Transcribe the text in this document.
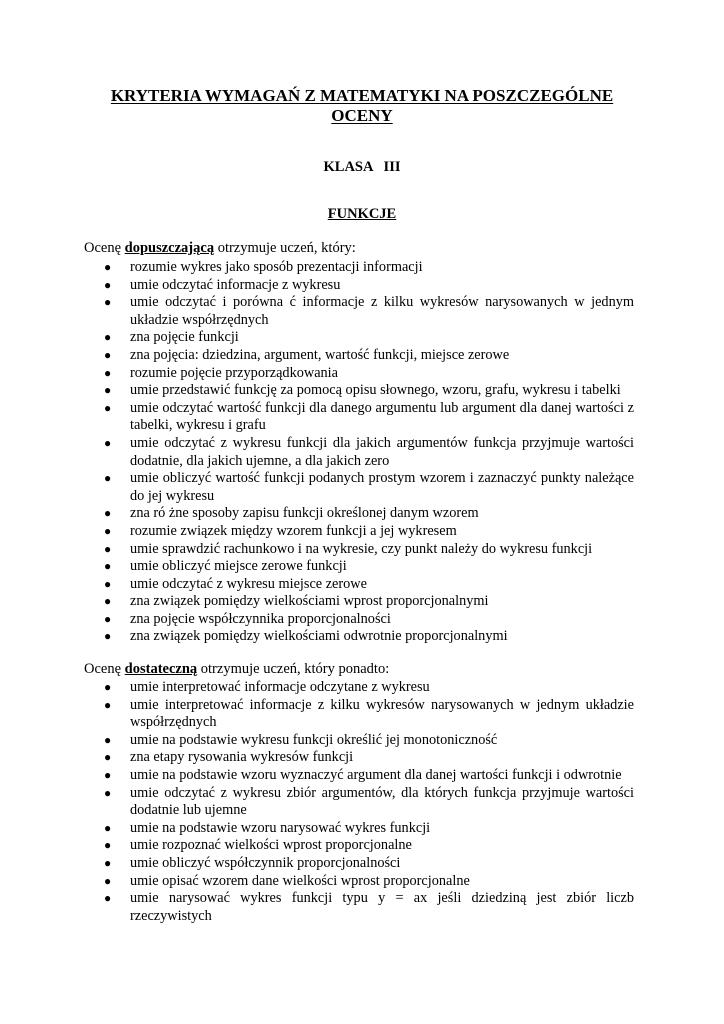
KRYTERIA WYMAGAŃ Z MATEMATYKI NA POSZCZEGÓLNE OCENY
KLASA   III
FUNKCJE
Ocenę dopuszczającą otrzymuje uczeń, który:
● rozumie wykres jako sposób prezentacji informacji
● umie odczytać informacje z wykresu
● umie odczytać i porówna ć informacje z kilku wykresów narysowanych w jednym układzie współrzędnych
● zna pojęcie funkcji
● zna pojęcia: dziedzina, argument, wartość funkcji, miejsce zerowe
● rozumie pojęcie przyporządkowania
● umie przedstawić funkcję za pomocą opisu słownego, wzoru, grafu, wykresu i tabelki
● umie odczytać wartość funkcji dla danego argumentu lub argument dla danej wartości z tabelki, wykresu i grafu
● umie odczytać z wykresu funkcji dla jakich argumentów funkcja przyjmuje wartości dodatnie, dla jakich ujemne, a dla jakich zero
● umie obliczyć wartość funkcji podanych prostym wzorem i zaznaczyć punkty należące do jej wykresu
● zna ró żne sposoby zapisu funkcji określonej danym wzorem
● rozumie związek między wzorem funkcji a jej wykresem
● umie sprawdzić rachunkowo i na wykresie, czy punkt należy do wykresu funkcji
● umie obliczyć miejsce zerowe funkcji
● umie odczytać z wykresu miejsce zerowe
● zna związek pomiędzy wielkościami wprost proporcjonalnymi
● zna pojęcie współczynnika proporcjonalności
● zna związek pomiędzy wielkościami odwrotnie proporcjonalnymi
Ocenę dostateczną otrzymuje uczeń, który ponadto:
● umie interpretować informacje odczytane z wykresu
● umie interpretować informacje z kilku wykresów narysowanych w jednym układzie współrzędnych
● umie na podstawie wykresu funkcji określić jej monotoniczność
● zna etapy rysowania wykresów funkcji
● umie na podstawie wzoru wyznaczyć argument dla danej wartości funkcji i odwrotnie
● umie odczytać z wykresu zbiór argumentów, dla których funkcja przyjmuje wartości dodatnie lub ujemne
● umie na podstawie wzoru narysować wykres funkcji
● umie rozpoznać wielkości wprost proporcjonalne
● umie obliczyć współczynnik proporcjonalności
● umie opisać wzorem dane wielkości wprost proporcjonalne
● umie narysować wykres funkcji typu y = ax jeśli dziedziną jest zbiór liczb rzeczywistych
